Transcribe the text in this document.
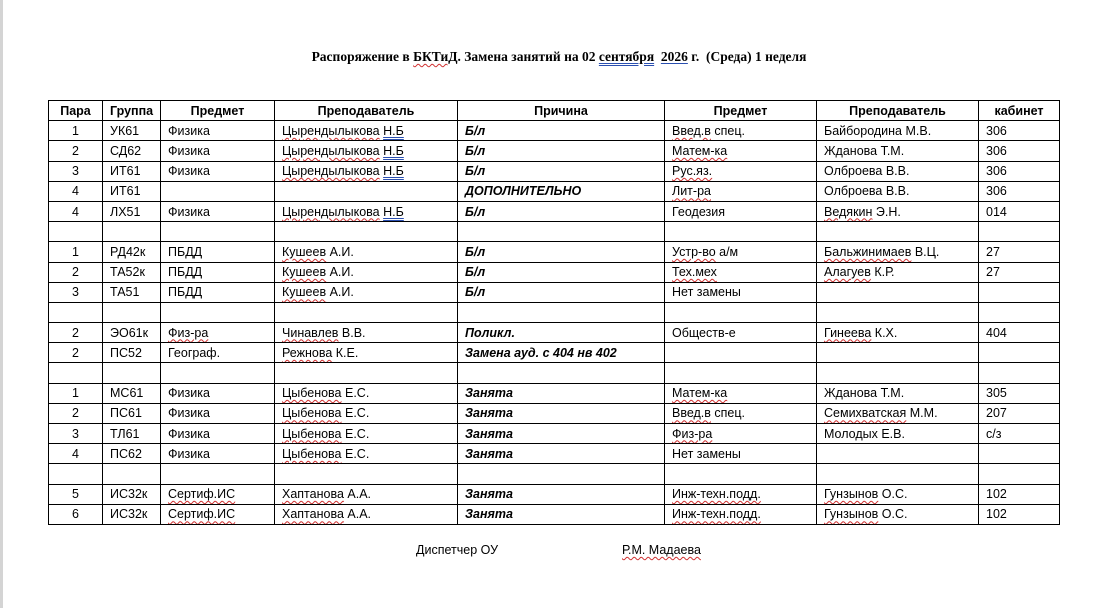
Распоряжение в БКТиД. Замена занятий на 02 сентября 2026 г.  (Среда) 1 неделя
Пара	Группа	Предмет	Преподаватель	Причина	Предмет	Преподаватель	кабинет
1	УК61	Физика	Цырендылыкова Н.Б	Б/л	Введ.в спец.	Байбородина М.В.	306
2	СД62	Физика	Цырендылыкова Н.Б	Б/л	Матем-ка	Жданова Т.М.	306
3	ИТ61	Физика	Цырендылыкова Н.Б	Б/л	Рус.яз.	Олброева В.В.	306
4	ИТ61			ДОПОЛНИТЕЛЬНО	Лит-ра	Олброева В.В.	306
4	ЛХ51	Физика	Цырендылыкова Н.Б	Б/л	Геодезия	Ведякин Э.Н.	014

1	РД42к	ПБДД	Кушеев А.И.	Б/л	Устр-во а/м	Бальжинимаев В.Ц.	27
2	ТА52к	ПБДД	Кушеев А.И.	Б/л	Тех.мех	Алагуев К.Р.	27
3	ТА51	ПБДД	Кушеев А.И.	Б/л	Нет замены		

2	ЭО61к	Физ-ра	Чинавлев В.В.	Поликл.	Обществ-е	Гинеева К.Х.	404
2	ПС52	Географ.	Режнова К.Е.	Замена ауд. с 404 нв 402			

1	МС61	Физика	Цыбенова Е.С.	Занята	Матем-ка	Жданова Т.М.	305
2	ПС61	Физика	Цыбенова Е.С.	Занята	Введ.в спец.	Семихватская М.М.	207
3	ТЛ61	Физика	Цыбенова Е.С.	Занята	Физ-ра	Молодых Е.В.	с/з
4	ПС62	Физика	Цыбенова Е.С.	Занята	Нет замены		

5	ИС32к	Сертиф.ИС	Хаптанова А.А.	Занята	Инж-техн.подд.	Гунзынов О.С.	102
6	ИС32к	Сертиф.ИС	Хаптанова А.А.	Занята	Инж-техн.подд.	Гунзынов О.С.	102
Диспетчер ОУ	Р.М. Мадаева
